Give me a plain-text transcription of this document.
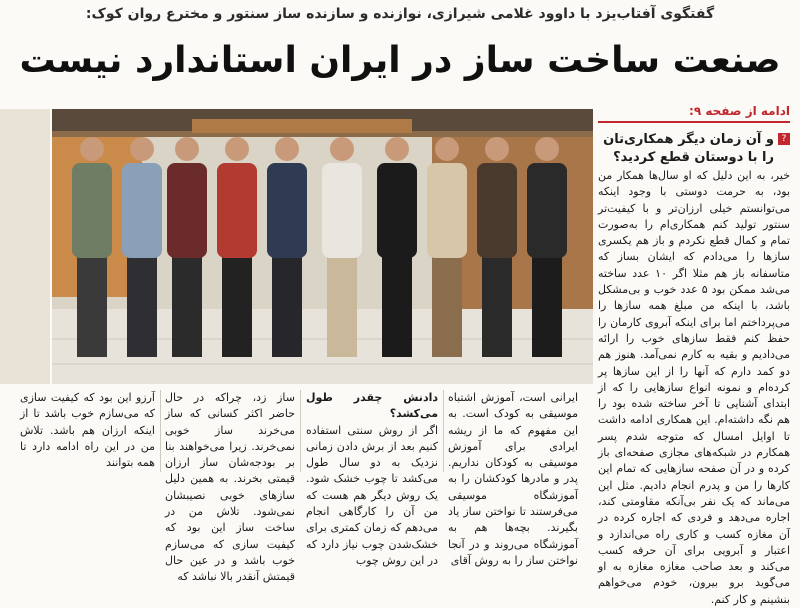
گفتگوی آفتاب‌یزد با داوود غلامی شیرازی، نوازنده و سازنده ساز سنتور و مخترع روان کوک:
صنعت ساخت ساز در ایران استاندارد نیست
ادامه از صفحه ۹:
?
و آن زمان دیگر همکاری‌تان را با دوستان قطع کردید؟
خیر، به این دلیل که او سال‌ها همکار من بود، به حرمت دوستی با وجود اینکه می‌توانستم خیلی ارزان‌تر و با کیفیت‌تر سنتور تولید کنم همکاری‌ام را به‌صورت تمام و کمال قطع نکردم و باز هم یکسری سازها را می‌دادم که ایشان بساز که متاسفانه باز هم مثلا اگر ۱۰ عدد ساخته می‌شد ممکن بود ۵ عدد خوب و بی‌مشکل باشد، با اینکه من مبلغ همه سازها را می‌پرداختم اما برای اینکه آبروی کارمان را حفظ کنم فقط سازهای خوب را ارائه می‌دادیم و بقیه به کارم نمی‌آمد. هنوز هم دو کمد دارم که آنها را از این سازها پر کرده‌ام و نمونه انواع سازهایی را که از ابتدای آشنایی تا آخر ساخته شده بود را هم نگه داشته‌ام. این همکاری ادامه داشت تا اوایل امسال که متوجه شدم پسر همکارم در شبکه‌های مجازی صفحه‌ای باز کرده و در آن صفحه سازهایی که تمام این کارها را من و پدرم انجام دادیم. مثل این می‌ماند که یک نفر بی‌آنکه مقاومتی کند، اجاره می‌دهد و فردی که اجاره کرده در آن مغازه کسب و کاری راه می‌اندازد و اعتبار و آبرویی برای آن حرفه کسب می‌کند و بعد صاحب مغازه مغازه به او می‌گوید برو بیرون، خودم می‌خواهم بنشینم و کار کنم.
ایرانی است، آموزش اشتباه موسیقی به کودک است. به این مفهوم که ما از ریشه ایرادی برای آموزش موسیقی به کودکان نداریم. پدر و مادرها کودکشان را به آموزشگاه موسیقی می‌فرستند تا نواختن ساز یاد بگیرند. بچه‌ها هم به آموزشگاه می‌روند و در آنجا نواختن ساز را به روش آقای
دادنش چقدر طول می‌کشد؟
اگر از روش سنتی استفاده کنیم بعد از برش دادن زمانی نزدیک به دو سال طول می‌کشد تا چوب خشک شود. یک روش دیگر هم هست که من آن را کارگاهی انجام می‌دهم که زمان کمتری برای خشک‌شدن چوب نیاز دارد که در این روش چوب
ساز زد، چراکه در حال حاضر اکثر کسانی که ساز می‌خرند ساز خوبی نمی‌خرند. زیرا می‌خواهند بنا بر بودجه‌شان ساز ارزان قیمتی بخرند. به همین دلیل سازهای خوبی نصیبشان نمی‌شود. تلاش من در ساخت ساز این بود که کیفیت سازی که می‌سازم خوب باشد و در عین حال قیمتش آنقدر بالا نباشد که
آرزو این بود که کیفیت سازی که می‌سازم خوب باشد تا از اینکه ارزان هم باشد. تلاش من در این راه ادامه دارد تا همه بتوانند
